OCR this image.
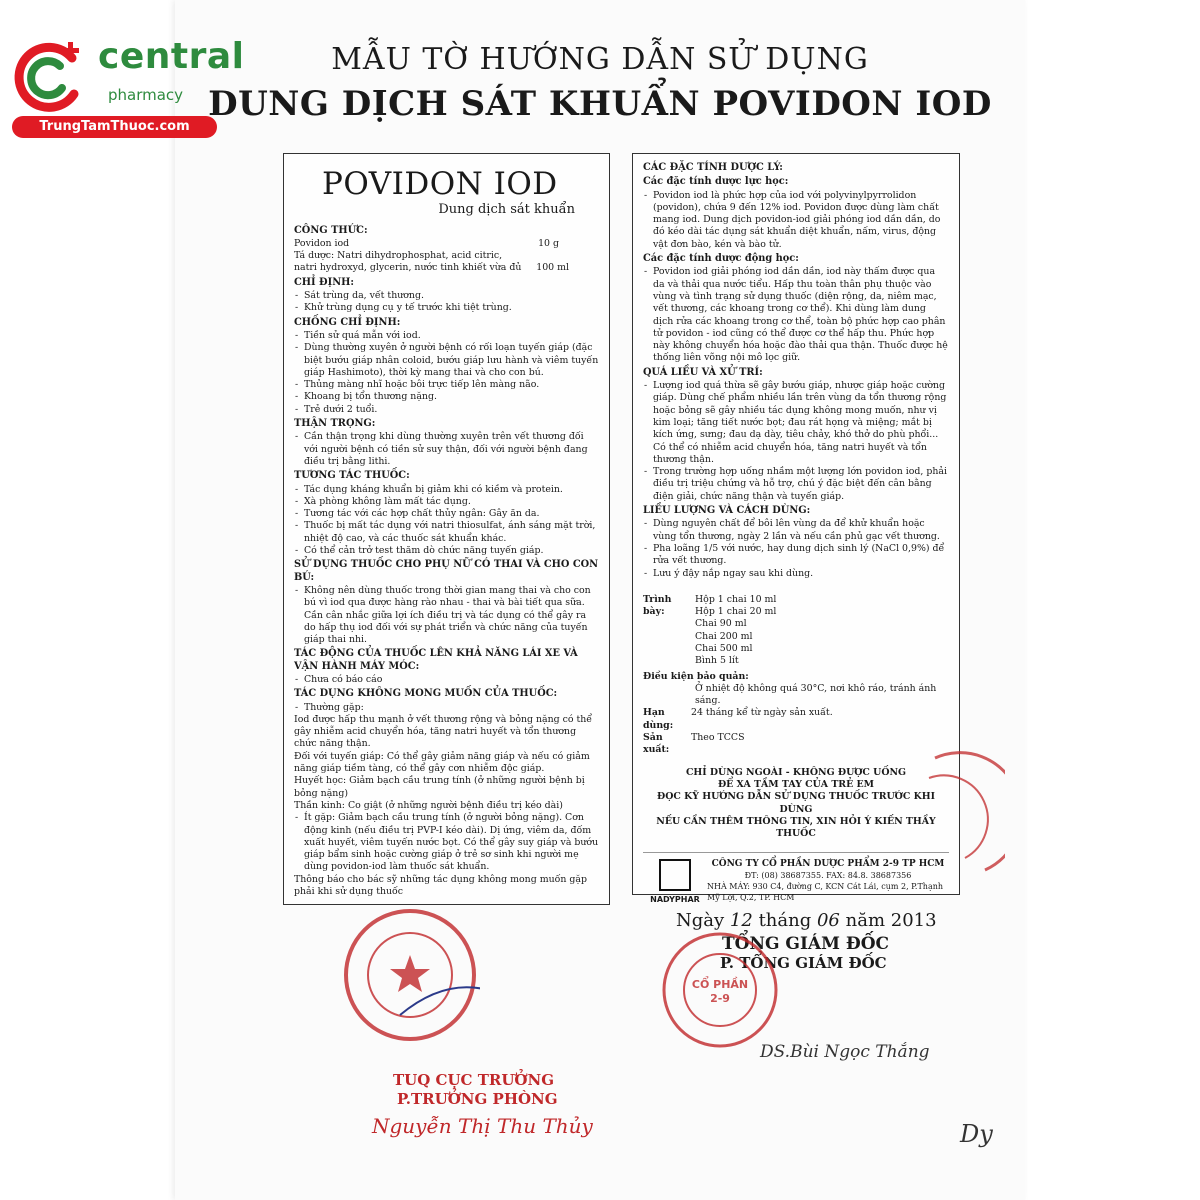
central
pharmacy
TrungTamThuoc.com
MẪU TỜ HƯỚNG DẪN SỬ DỤNG
DUNG DỊCH SÁT KHUẨN POVIDON IOD
POVIDON IOD
Dung dịch sát khuẩn
CÔNG THỨC:
Povidon iod	10 g

Tá dược: Natri dihydrophosphat, acid citric,

natri hydroxyd, glycerin, nước tinh khiết vừa đủ 100 ml
CHỈ ĐỊNH:
- Sát trùng da, vết thương.
- Khử trùng dụng cụ y tế trước khi tiệt trùng.
CHỐNG CHỈ ĐỊNH:
- Tiền sử quá mẫn với iod.
- Dùng thường xuyên ở người bệnh có rối loạn tuyến giáp (đặc biệt bướu giáp nhân coloid, bướu giáp lưu hành và viêm tuyến giáp Hashimoto), thời kỳ mang thai và cho con bú.
- Thủng màng nhĩ hoặc bôi trực tiếp lên màng não.
- Khoang bị tổn thương nặng.
- Trẻ dưới 2 tuổi.
THẬN TRỌNG:
- Cần thận trọng khi dùng thường xuyên trên vết thương đối với người bệnh có tiền sử suy thận, đối với người bệnh đang điều trị bằng lithi.
TƯƠNG TÁC THUỐC:
- Tác dụng kháng khuẩn bị giảm khi có kiềm và protein.
- Xà phòng không làm mất tác dụng.
- Tương tác với các hợp chất thủy ngân: Gây ăn da.
- Thuốc bị mất tác dụng với natri thiosulfat, ánh sáng mặt trời, nhiệt độ cao, và các thuốc sát khuẩn khác.
- Có thể cản trở test thăm dò chức năng tuyến giáp.
SỬ DỤNG THUỐC CHO PHỤ NỮ CÓ THAI VÀ CHO CON BÚ:
- Không nên dùng thuốc trong thời gian mang thai và cho con bú vì iod qua được hàng rào nhau - thai và bài tiết qua sữa. Cần cân nhắc giữa lợi ích điều trị và tác dụng có thể gây ra do hấp thụ iod đối với sự phát triển và chức năng của tuyến giáp thai nhi.
TÁC ĐỘNG CỦA THUỐC LÊN KHẢ NĂNG LÁI XE VÀ VẬN HÀNH MÁY MÓC:
- Chưa có báo cáo
TÁC DỤNG KHÔNG MONG MUỐN CỦA THUỐC:
- Thường gặp:

Iod được hấp thu mạnh ở vết thương rộng và bỏng nặng có thể gây nhiễm acid chuyển hóa, tăng natri huyết và tổn thương chức năng thận.

Đối với tuyến giáp: Có thể gây giảm năng giáp và nếu có giảm năng giáp tiềm tàng, có thể gây cơn nhiễm độc giáp.

Huyết học: Giảm bạch cầu trung tính (ở những người bệnh bị bỏng nặng)

Thần kinh: Co giật (ở những người bệnh điều trị kéo dài)

- Ít gặp: Giảm bạch cầu trung tính (ở người bỏng nặng). Cơn động kinh (nếu điều trị PVP-I kéo dài). Dị ứng, viêm da, đốm xuất huyết, viêm tuyến nước bọt. Có thể gây suy giáp và bướu giáp bẩm sinh hoặc cường giáp ở trẻ sơ sinh khi người mẹ dùng povidon-iod làm thuốc sát khuẩn.

Thông báo cho bác sỹ những tác dụng không mong muốn gặp phải khi sử dụng thuốc

CÁC ĐẶC TÍNH DƯỢC LÝ:
Các đặc tính dược lực học:
- Povidon iod là phức hợp của iod với polyvinylpyrrolidon (povidon), chứa 9 đến 12% iod. Povidon được dùng làm chất mang iod. Dung dịch povidon-iod giải phóng iod dần dần, do đó kéo dài tác dụng sát khuẩn diệt khuẩn, nấm, virus, động vật đơn bào, kén và bào tử.
Các đặc tính dược động học:
- Povidon iod giải phóng iod dần dần, iod này thấm được qua da và thải qua nước tiểu. Hấp thu toàn thân phụ thuộc vào vùng và tình trạng sử dụng thuốc (diện rộng, da, niêm mạc, vết thương, các khoang trong cơ thể). Khi dùng làm dung dịch rửa các khoang trong cơ thể, toàn bộ phức hợp cao phân tử povidon - iod cũng có thể được cơ thể hấp thu. Phức hợp này không chuyển hóa hoặc đào thải qua thận. Thuốc được hệ thống liên võng nội mô lọc giữ.
QUÁ LIỀU VÀ XỬ TRÍ:
- Lượng iod quá thừa sẽ gây bướu giáp, nhược giáp hoặc cường giáp. Dùng chế phẩm nhiều lần trên vùng da tổn thương rộng hoặc bỏng sẽ gây nhiều tác dụng không mong muốn, như vị kim loại; tăng tiết nước bọt; đau rát họng và miệng; mắt bị kích ứng, sưng; đau dạ dày, tiêu chảy, khó thở do phù phổi... Có thể có nhiễm acid chuyển hóa, tăng natri huyết và tổn thương thận.
- Trong trường hợp uống nhầm một lượng lớn povidon iod, phải điều trị triệu chứng và hỗ trợ, chú ý đặc biệt đến cân bằng điện giải, chức năng thận và tuyến giáp.
LIỀU LƯỢNG VÀ CÁCH DÙNG:
- Dùng nguyên chất để bôi lên vùng da để khử khuẩn hoặc vùng tổn thương, ngày 2 lần và nếu cần phủ gạc vết thương.
- Pha loãng 1/5 với nước, hay dung dịch sinh lý (NaCl 0,9%) để rửa vết thương.
- Lưu ý đậy nắp ngay sau khi dùng.
Trình bày:
Hộp 1 chai 10 ml
Hộp 1 chai 20 ml
Chai 90 ml
Chai 200 ml
Chai 500 ml
Bình 5 lít
Điều kiện bảo quản:
Ở nhiệt độ không quá 30°C, nơi khô ráo, tránh ánh sáng.
Hạn dùng:
24 tháng kể từ ngày sản xuất.
Sản xuất:
Theo TCCS
CHỈ DÙNG NGOÀI - KHÔNG ĐƯỢC UỐNG
ĐỂ XA TẦM TAY CỦA TRẺ EM
ĐỌC KỸ HƯỚNG DẪN SỬ DỤNG THUỐC TRƯỚC KHI DÙNG
NẾU CẦN THÊM THÔNG TIN, XIN HỎI Ý KIẾN THẦY THUỐC
NADYPHAR
CÔNG TY CỔ PHẦN DƯỢC PHẨM 2-9 TP HCM
ĐT: (08) 38687355. FAX: 84.8. 38687356
NHÀ MÁY: 930 C4, đường C, KCN Cát Lái, cụm 2, P.Thạnh Mỹ Lợi, Q.2, TP. HCM
Ngày 12 tháng 06 năm 2013
TỔNG GIÁM ĐỐC
P. TỔNG GIÁM ĐỐC
DS.Bùi Ngọc Thắng
CỔ PHẦN
2-9
TUQ CỤC TRƯỞNG
P.TRƯỞNG PHÒNG
Nguyễn Thị Thu Thủy	Dy
